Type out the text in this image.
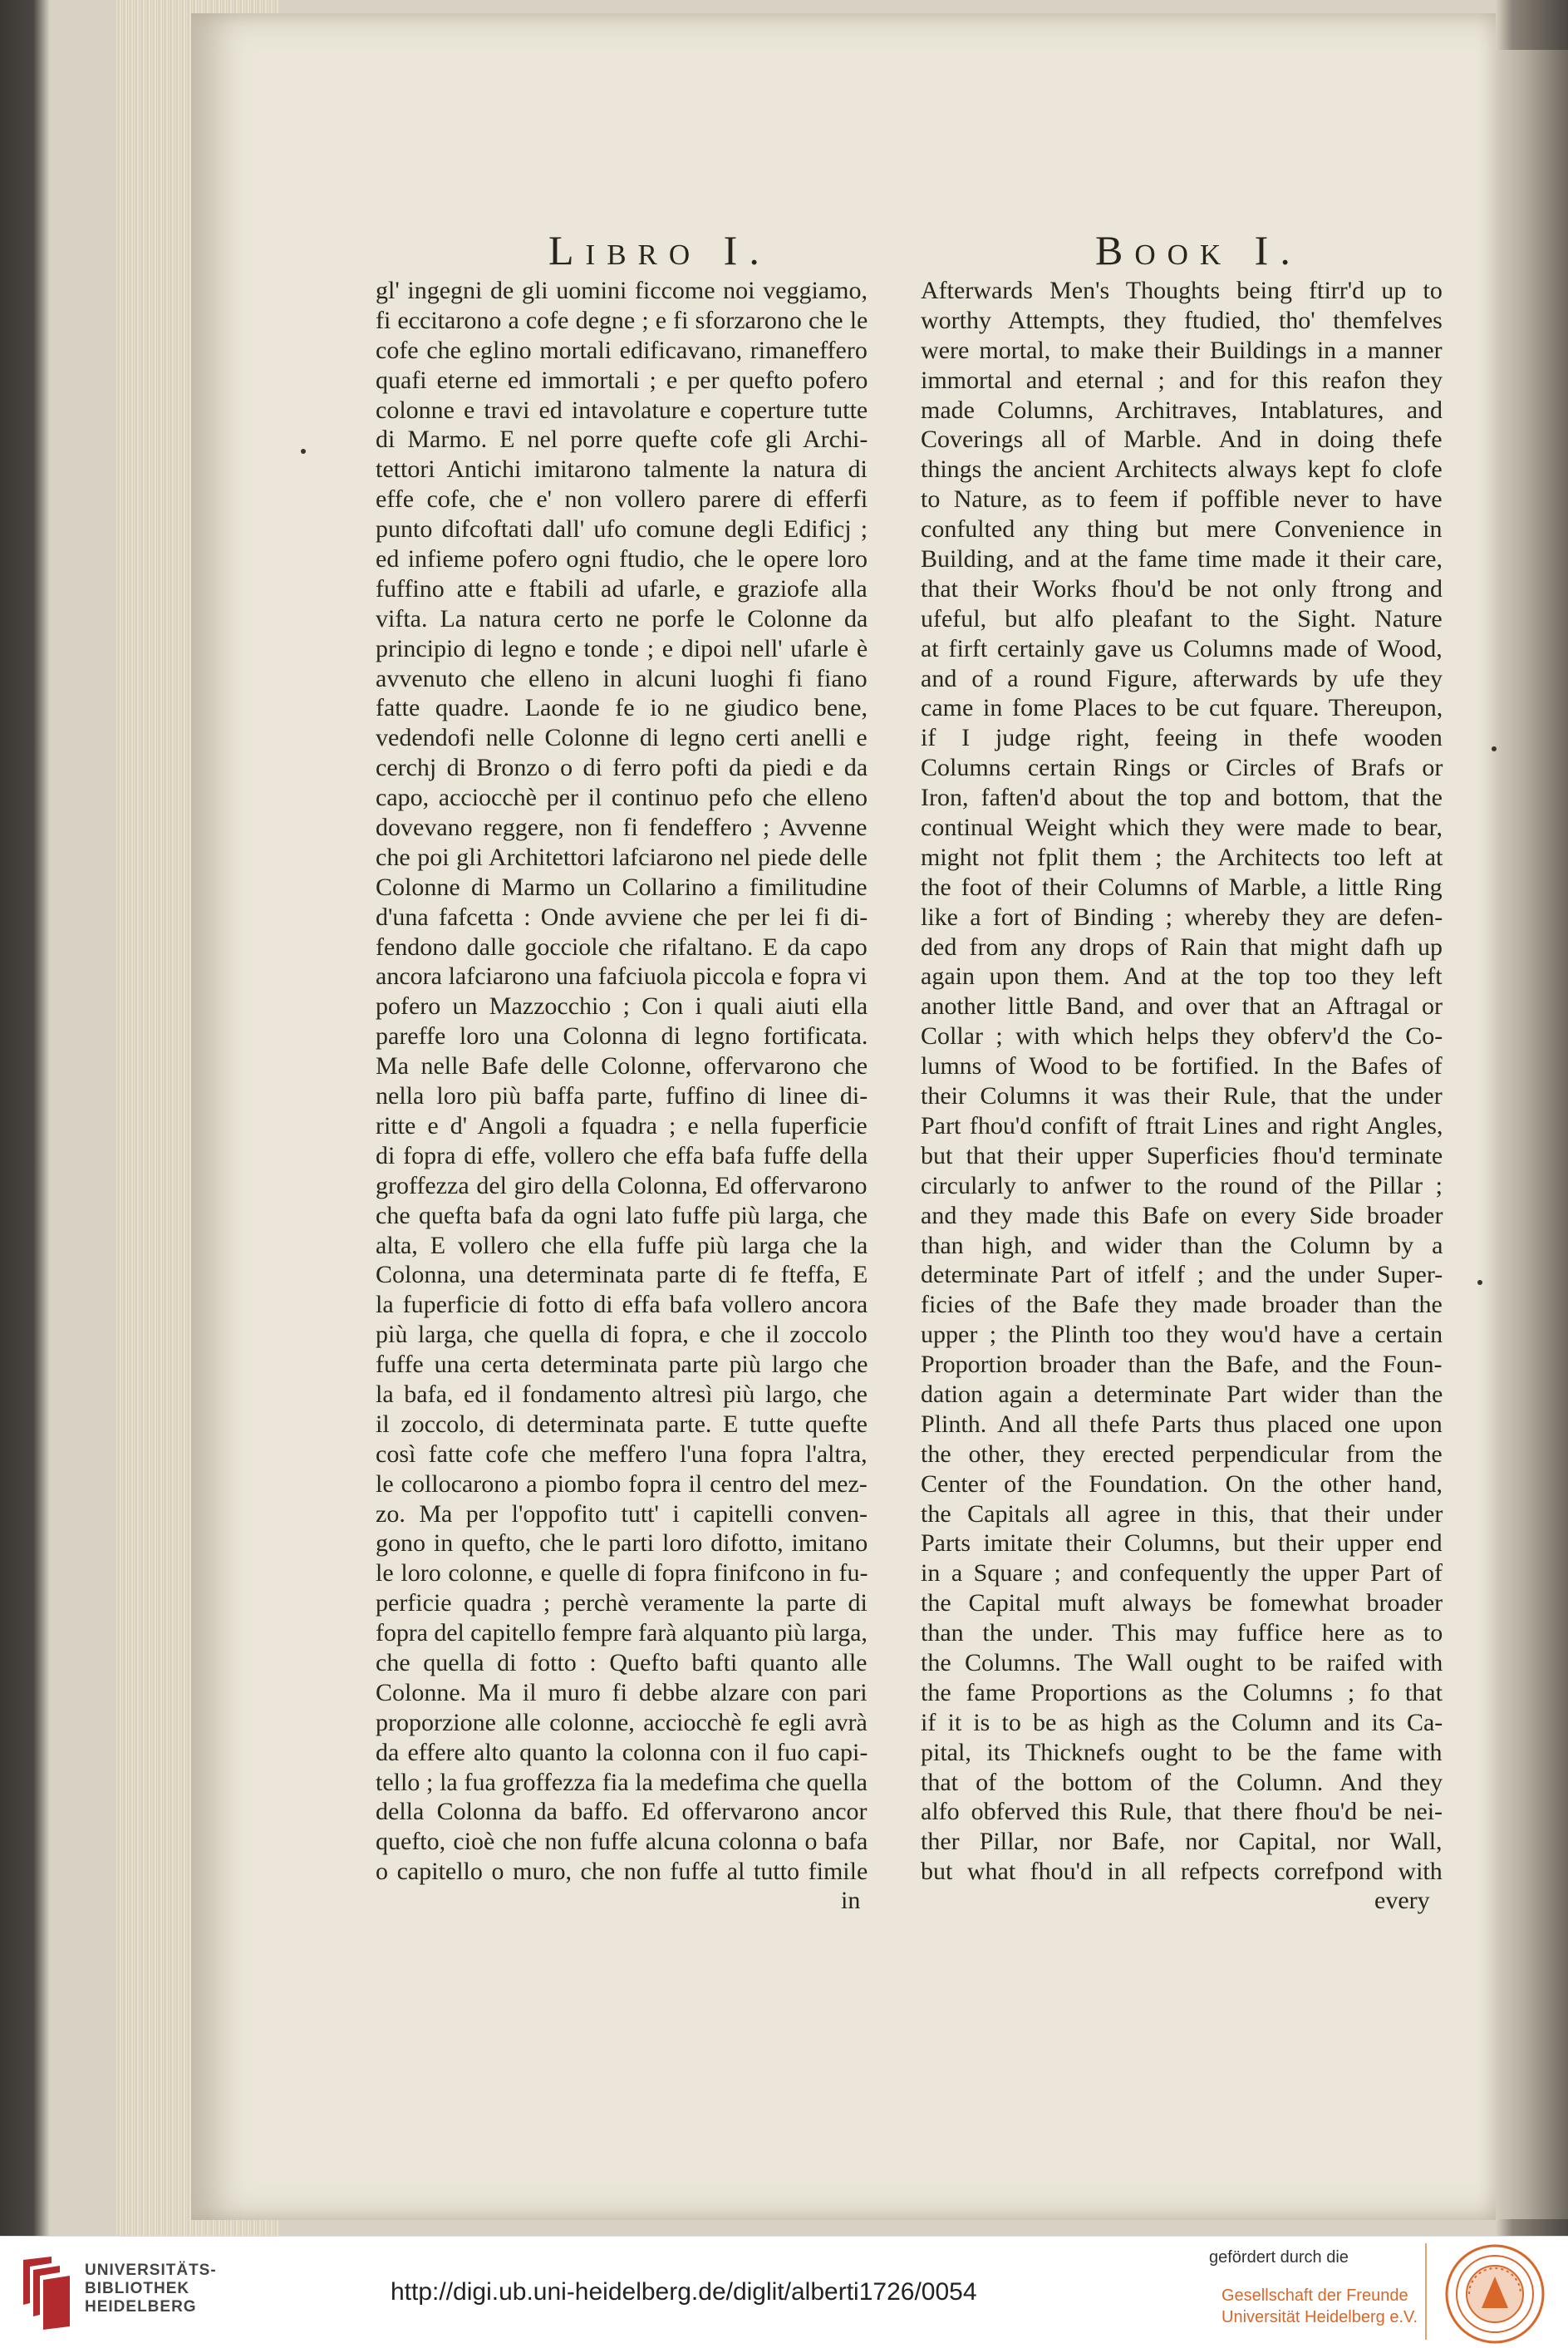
Libro I.	Book I.
gl' ingegni de gli uomini ficcome noi veggiamo,
fi eccitarono a cofe degne ; e fi sforzarono che le
cofe che eglino mortali edificavano, rimaneffero
quafi eterne ed immortali ; e per quefto pofero
colonne e travi ed intavolature e coperture tutte
di Marmo. E nel porre quefte cofe gli Archi-
tettori Antichi imitarono talmente la natura di
effe cofe, che e' non vollero parere di efferfi
punto difcoftati dall' ufo comune degli Edificj ;
ed infieme pofero ogni ftudio, che le opere loro
fuffino atte e ftabili ad ufarle, e graziofe alla
vifta. La natura certo ne porfe le Colonne da
principio di legno e tonde ; e dipoi nell' ufarle è
avvenuto che elleno in alcuni luoghi fi fiano
fatte quadre. Laonde fe io ne giudico bene,
vedendofi nelle Colonne di legno certi anelli e
cerchj di Bronzo o di ferro pofti da piedi e da
capo, acciocchè per il continuo pefo che elleno
dovevano reggere, non fi fendeffero ; Avvenne
che poi gli Architettori lafciarono nel piede delle
Colonne di Marmo un Collarino a fimilitudine
d'una fafcetta : Onde avviene che per lei fi di-
fendono dalle gocciole che rifaltano. E da capo
ancora lafciarono una fafciuola piccola e fopra vi
pofero un Mazzocchio ; Con i quali aiuti ella
pareffe loro una Colonna di legno fortificata.
Ma nelle Bafe delle Colonne, offervarono che
nella loro più baffa parte, fuffino di linee di-
ritte e d' Angoli a fquadra ; e nella fuperficie
di fopra di effe, vollero che effa bafa fuffe della
groffezza del giro della Colonna, Ed offervarono
che quefta bafa da ogni lato fuffe più larga, che
alta, E vollero che ella fuffe più larga che la
Colonna, una determinata parte di fe fteffa, E
la fuperficie di fotto di effa bafa vollero ancora
più larga, che quella di fopra, e che il zoccolo
fuffe una certa determinata parte più largo che
la bafa, ed il fondamento altresì più largo, che
il zoccolo, di determinata parte. E tutte quefte
così fatte cofe che meffero l'una fopra l'altra,
le collocarono a piombo fopra il centro del mez-
zo. Ma per l'oppofito tutt' i capitelli conven-
gono in quefto, che le parti loro difotto, imitano
le loro colonne, e quelle di fopra finifcono in fu-
perficie quadra ; perchè veramente la parte di
fopra del capitello fempre farà alquanto più larga,
che quella di fotto : Quefto bafti quanto alle
Colonne. Ma il muro fi debbe alzare con pari
proporzione alle colonne, acciocchè fe egli avrà
da effere alto quanto la colonna con il fuo capi-
tello ; la fua groffezza fia la medefima che quella
della Colonna da baffo. Ed offervarono ancor
quefto, cioè che non fuffe alcuna colonna o bafa
o capitello o muro, che non fuffe al tutto fimile
Afterwards Men's Thoughts being ftirr'd up to
worthy Attempts, they ftudied, tho' themfelves
were mortal, to make their Buildings in a manner
immortal and eternal ; and for this reafon they
made Columns, Architraves, Intablatures, and
Coverings all of Marble. And in doing thefe
things the ancient Architects always kept fo clofe
to Nature, as to feem if poffible never to have
confulted any thing but mere Convenience in
Building, and at the fame time made it their care,
that their Works fhou'd be not only ftrong and
ufeful, but alfo pleafant to the Sight. Nature
at firft certainly gave us Columns made of Wood,
and of a round Figure, afterwards by ufe they
came in fome Places to be cut fquare. Thereupon,
if I judge right, feeing in thefe wooden
Columns certain Rings or Circles of Brafs or
Iron, faften'd about the top and bottom, that the
continual Weight which they were made to bear,
might not fplit them ; the Architects too left at
the foot of their Columns of Marble, a little Ring
like a fort of Binding ; whereby they are defen-
ded from any drops of Rain that might dafh up
again upon them. And at the top too they left
another little Band, and over that an Aftragal or
Collar ; with which helps they obferv'd the Co-
lumns of Wood to be fortified. In the Bafes of
their Columns it was their Rule, that the under
Part fhou'd confift of ftrait Lines and right Angles,
but that their upper Superficies fhou'd terminate
circularly to anfwer to the round of the Pillar ;
and they made this Bafe on every Side broader
than high, and wider than the Column by a
determinate Part of itfelf ; and the under Super-
ficies of the Bafe they made broader than the
upper ; the Plinth too they wou'd have a certain
Proportion broader than the Bafe, and the Foun-
dation again a determinate Part wider than the
Plinth. And all thefe Parts thus placed one upon
the other, they erected perpendicular from the
Center of the Foundation. On the other hand,
the Capitals all agree in this, that their under
Parts imitate their Columns, but their upper end
in a Square ; and confequently the upper Part of
the Capital muft always be fomewhat broader
than the under. This may fuffice here as to
the Columns. The Wall ought to be raifed with
the fame Proportions as the Columns ; fo that
if it is to be as high as the Column and its Ca-
pital, its Thicknefs ought to be the fame with
that of the bottom of the Column. And they
alfo obferved this Rule, that there fhou'd be nei-
ther Pillar, nor Bafe, nor Capital, nor Wall,
but what fhou'd in all refpects correfpond with
in	every
UNIVERSITÄTS-
BIBLIOTHEK
HEIDELBERG
http://digi.ub.uni-heidelberg.de/diglit/alberti1726/0054
gefördert durch die
Gesellschaft der Freunde
Universität Heidelberg e.V.
